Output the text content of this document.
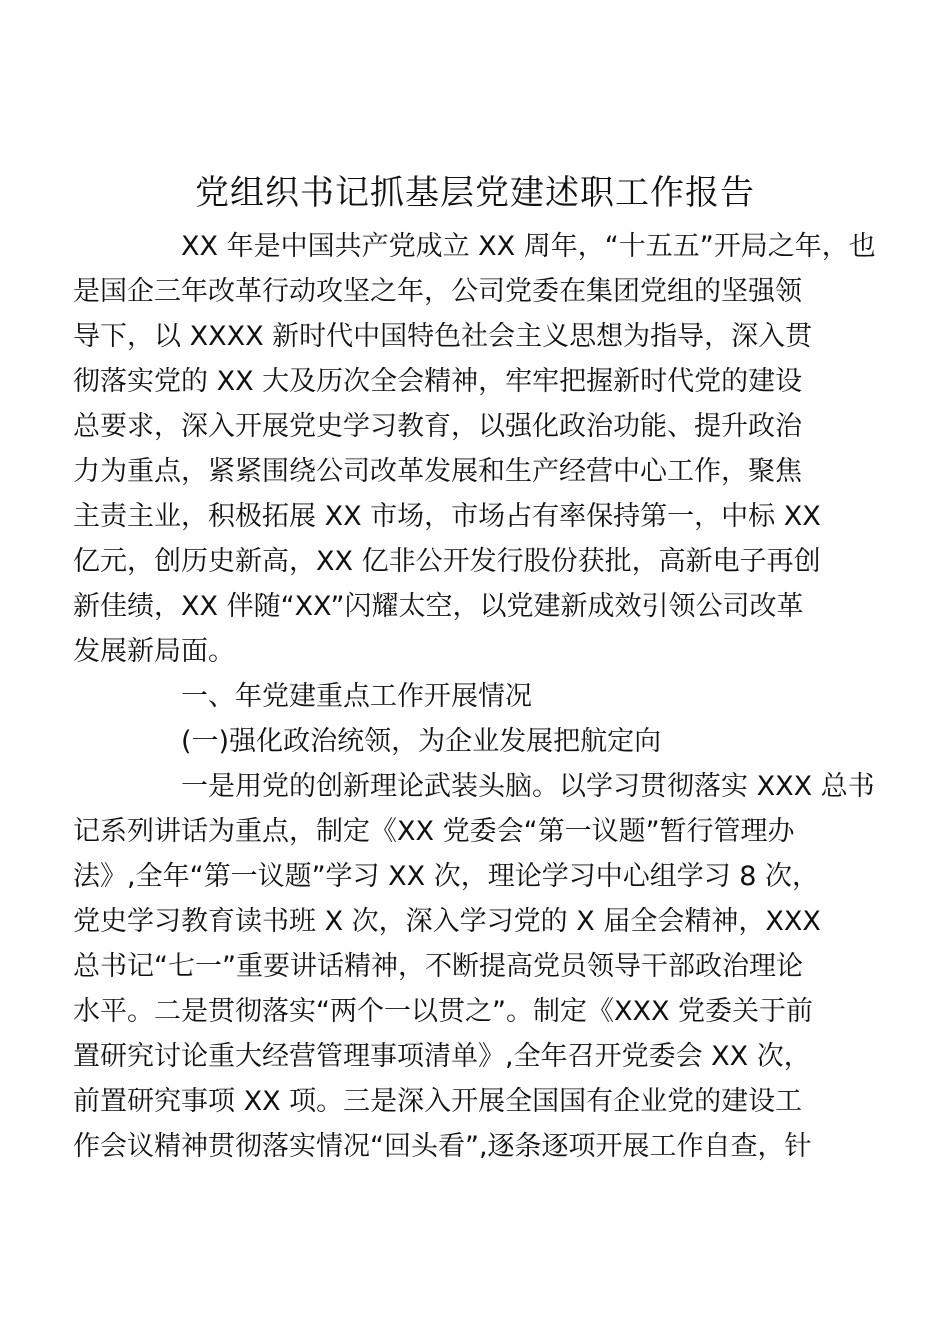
党组织书记抓基层党建述职工作报告

XX 年是中国共产党成立 XX 周年，“十五五”开局之年，也
是国企三年改革行动攻坚之年，公司党委在集团党组的坚强领
导下，以 XXXX 新时代中国特色社会主义思想为指导，深入贯
彻落实党的 XX 大及历次全会精神，牢牢把握新时代党的建设
总要求，深入开展党史学习教育，以强化政治功能、提升政治
力为重点，紧紧围绕公司改革发展和生产经营中心工作，聚焦
主责主业，积极拓展 XX 市场，市场占有率保持第一，中标 XX
亿元，创历史新高，XX 亿非公开发行股份获批，高新电子再创
新佳绩，XX 伴随“XX”闪耀太空，以党建新成效引领公司改革
发展新局面。

一、年党建重点工作开展情况

(一)强化政治统领，为企业发展把航定向

一是用党的创新理论武装头脑。以学习贯彻落实 XXX 总书
记系列讲话为重点，制定《XX 党委会“第一议题”暂行管理办
法》,全年“第一议题”学习 XX 次，理论学习中心组学习 8 次，
党史学习教育读书班 X 次，深入学习党的 X 届全会精神，XXX
总书记“七一”重要讲话精神，不断提高党员领导干部政治理论
水平。二是贯彻落实“两个一以贯之”。制定《XXX 党委关于前
置研究讨论重大经营管理事项清单》,全年召开党委会 XX 次，
前置研究事项 XX 项。三是深入开展全国国有企业党的建设工
作会议精神贯彻落实情况“回头看”,逐条逐项开展工作自查，针
